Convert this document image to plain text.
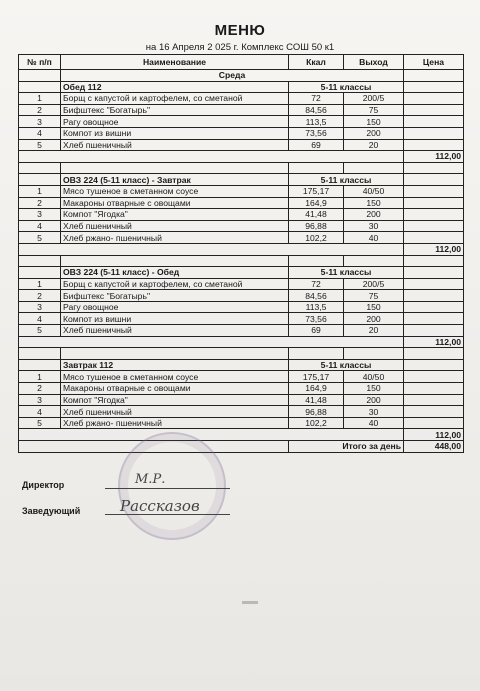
МЕНЮ
на 16 Апреля 2 025 г. Комплекс СОШ 50 к1
№ п/п	Наименование	Ккал	Выход	Цена
	Среда			
	Обед 112	5-11 классы		
1	Борщ с капустой и картофелем, со сметаной	72	200/5	
2	Бифштекс "Богатырь"	84,56	75	
3	Рагу овощное	113,5	150	
4	Компот из вишни	73,56	200	
5	Хлеб пшеничный	69	20	
				112,00

	ОВЗ 224 (5-11 класс) - Завтрак	5-11 классы		
1	Мясо тушеное в сметанном соусе	175,17	40/50	
2	Макароны отварные с овощами	164,9	150	
3	Компот "Ягодка"	41,48	200	
4	Хлеб пшеничный	96,88	30	
5	Хлеб ржано- пшеничный	102,2	40	
				112,00

	ОВЗ 224 (5-11 класс) - Обед	5-11 классы		
1	Борщ с капустой и картофелем, со сметаной	72	200/5	
2	Бифштекс "Богатырь"	84,56	75	
3	Рагу овощное	113,5	150	
4	Компот из вишни	73,56	200	
5	Хлеб пшеничный	69	20	
				112,00

	Завтрак 112	5-11 классы		
1	Мясо тушеное в сметанном соусе	175,17	40/50	
2	Макароны отварные с овощами	164,9	150	
3	Компот "Ягодка"	41,48	200	
4	Хлеб пшеничный	96,88	30	
5	Хлеб ржано- пшеничный	102,2	40	
				112,00
		Итого за день		448,00
Директор	М.Р.
Заведующий	Рассказов
